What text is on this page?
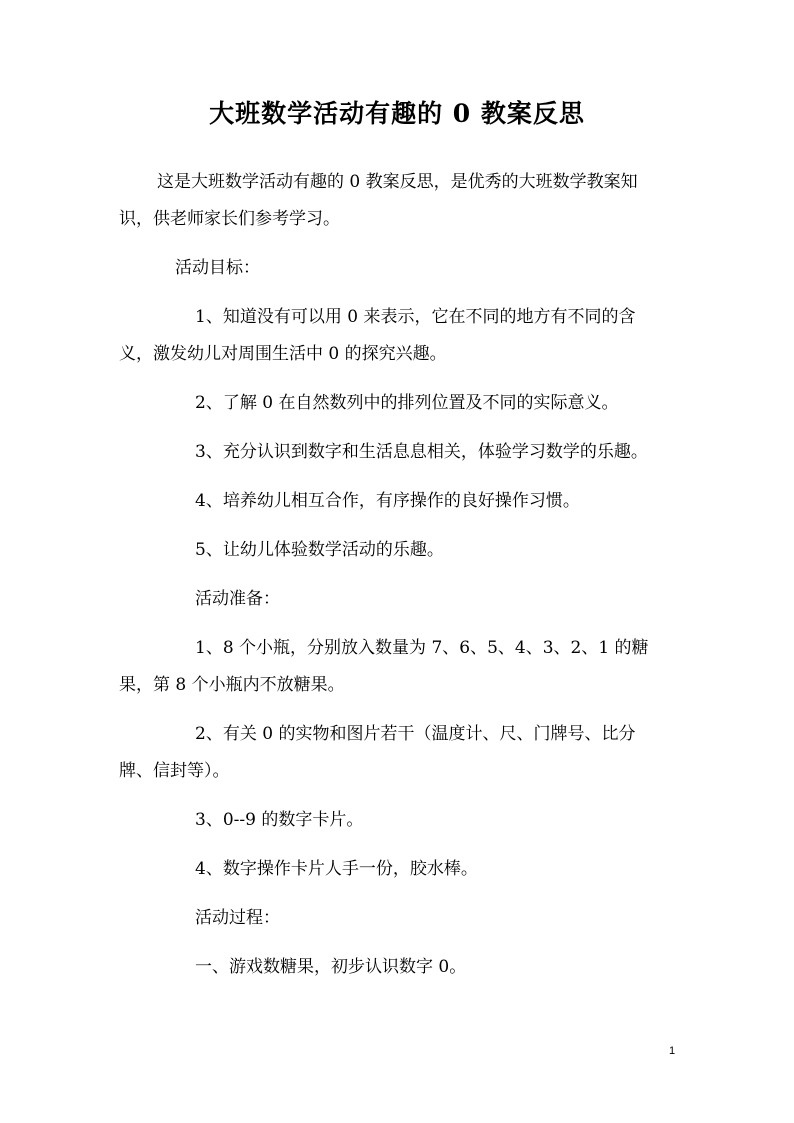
大班数学活动有趣的 0 教案反思
这是大班数学活动有趣的 0 教案反思，是优秀的大班数学教案知
识，供老师家长们参考学习。
活动目标：
1、知道没有可以用 0 来表示，它在不同的地方有不同的含
义，激发幼儿对周围生活中 0 的探究兴趣。
2、了解 0 在自然数列中的排列位置及不同的实际意义。
3、充分认识到数字和生活息息相关，体验学习数学的乐趣。
4、培养幼儿相互合作，有序操作的良好操作习惯。
5、让幼儿体验数学活动的乐趣。
活动准备：
1、8 个小瓶，分别放入数量为 7、6、5、4、3、2、1 的糖
果，第 8 个小瓶内不放糖果。
2、有关 0 的实物和图片若干（温度计、尺、门牌号、比分
牌、信封等）。
3、0--9 的数字卡片。
4、数字操作卡片人手一份，胶水棒。
活动过程：
一、游戏数糖果，初步认识数字 0。
1
